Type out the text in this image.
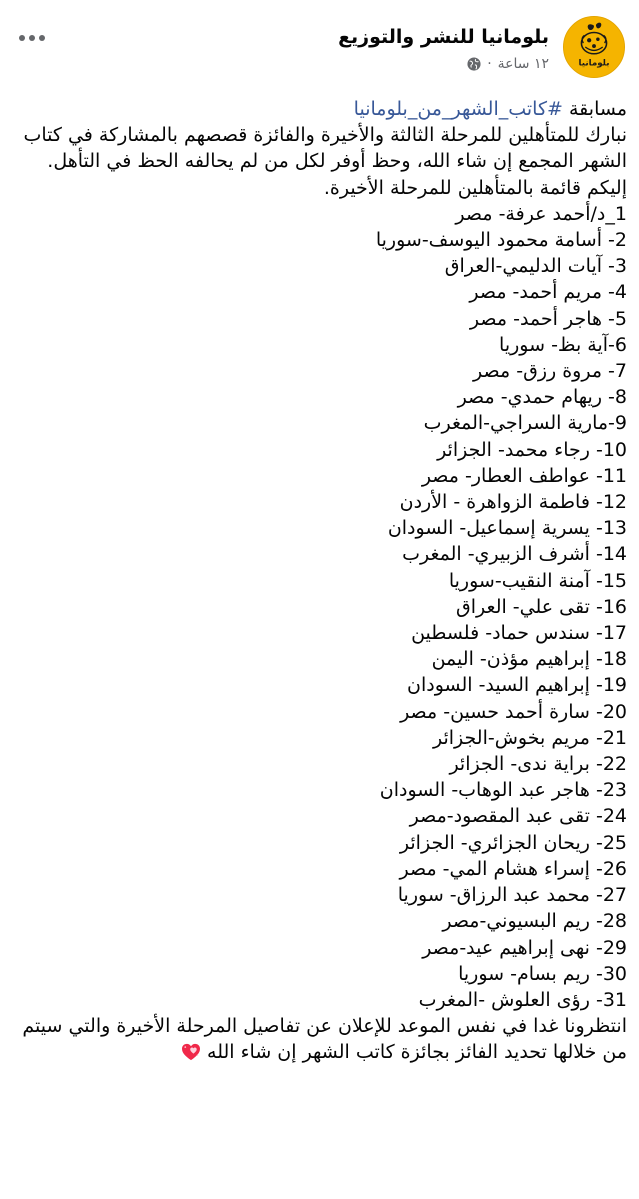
بلومانيا
بلومانيا للنشر والتوزيع
١٢ ساعة
·

مسابقة #كاتب_الشهر_من_بلومانيا

نبارك للمتأهلين للمرحلة الثالثة والأخيرة والفائزة قصصهم بالمشاركة في كتاب الشهر المجمع إن شاء الله، وحظ أوفر لكل من لم يحالفه الحظ في التأهل.

إليكم قائمة بالمتأهلين للمرحلة الأخيرة.

1_د/أحمد عرفة- مصر
2- أسامة محمود اليوسف-سوريا
3- آيات الدليمي-العراق
4- مريم أحمد- مصر
5- هاجر أحمد- مصر
6-آية بظ- سوريا
7- مروة رزق- مصر
8- ريهام حمدي- مصر
9-مارية السراجي-المغرب
10- رجاء محمد- الجزائر
11- عواطف العطار- مصر
12- فاطمة الزواهرة - الأردن
13- يسرية إسماعيل- السودان
14- أشرف الزبيري- المغرب
15- آمنة النقيب-سوريا
16- تقى علي- العراق
17- سندس حماد- فلسطين
18- إبراهيم مؤذن- اليمن
19- إبراهيم السيد- السودان
20- سارة أحمد حسين- مصر
21- مريم بخوش-الجزائر
22- براية ندى- الجزائر
23- هاجر عبد الوهاب- السودان
24- تقى عبد المقصود-مصر
25- ريحان الجزائري- الجزائر
26- إسراء هشام المي- مصر
27- محمد عبد الرزاق- سوريا
28- ريم البسيوني-مصر
29- نهى إبراهيم عيد-مصر
30- ريم بسام- سوريا
31- رؤى العلوش -المغرب

انتظرونا غدا في نفس الموعد للإعلان عن تفاصيل المرحلة الأخيرة والتي سيتم من خلالها تحديد الفائز بجائزة كاتب الشهر إن شاء الله
